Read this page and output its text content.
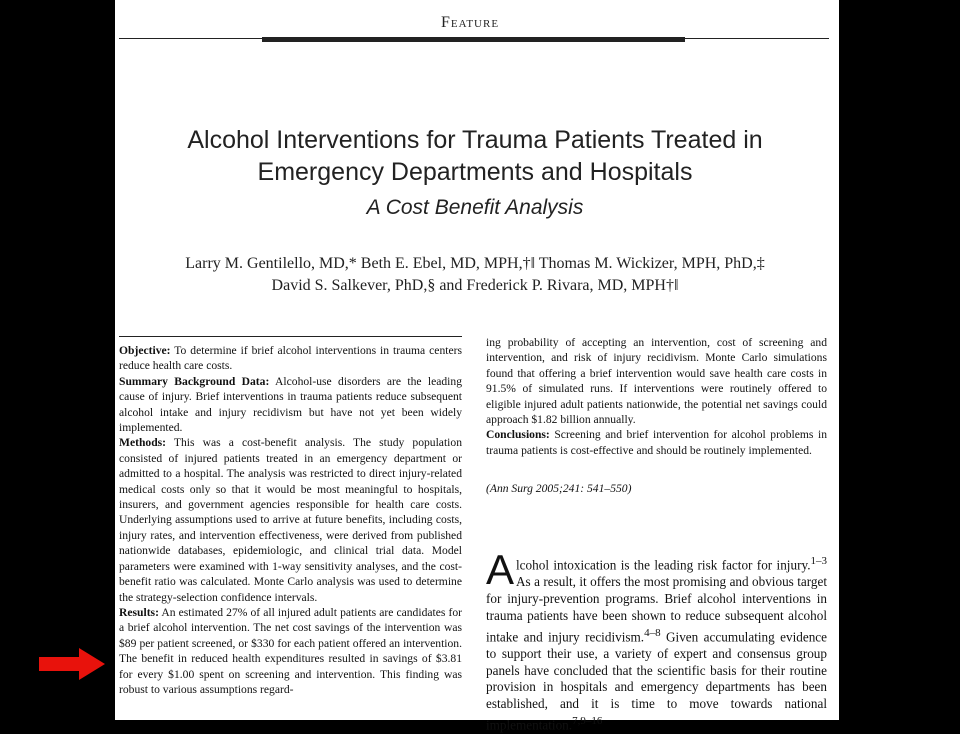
Feature
Alcohol Interventions for Trauma Patients Treated in
Emergency Departments and Hospitals
A Cost Benefit Analysis
Larry M. Gentilello, MD,* Beth E. Ebel, MD, MPH,†‖ Thomas M. Wickizer, MPH, PhD,‡
David S. Salkever, PhD,§ and Frederick P. Rivara, MD, MPH†‖

Objective: To determine if brief alcohol interventions in trauma centers reduce health care costs.

Summary Background Data: Alcohol-use disorders are the leading cause of injury. Brief interventions in trauma patients reduce subsequent alcohol intake and injury recidivism but have not yet been widely implemented.

Methods: This was a cost-benefit analysis. The study population consisted of injured patients treated in an emergency department or admitted to a hospital. The analysis was restricted to direct injury-related medical costs only so that it would be most meaningful to hospitals, insurers, and government agencies responsible for health care costs. Underlying assumptions used to arrive at future benefits, including costs, injury rates, and intervention effectiveness, were derived from published nationwide databases, epidemiologic, and clinical trial data. Model parameters were examined with 1-way sensitivity analyses, and the cost-benefit ratio was calculated. Monte Carlo analysis was used to determine the strategy-selection confidence intervals.

Results: An estimated 27% of all injured adult patients are candidates for a brief alcohol intervention. The net cost savings of the intervention was $89 per patient screened, or $330 for each patient offered an intervention. The benefit in reduced health expenditures resulted in savings of $3.81 for every $1.00 spent on screening and intervention. This finding was robust to various assumptions regard-

ing probability of accepting an intervention, cost of screening and intervention, and risk of injury recidivism. Monte Carlo simulations found that offering a brief intervention would save health care costs in 91.5% of simulated runs. If interventions were routinely offered to eligible injured adult patients nationwide, the potential net savings could approach $1.82 billion annually.

Conclusions: Screening and brief intervention for alcohol problems in trauma patients is cost-effective and should be routinely implemented.

(Ann Surg 2005;241: 541–550)

Alcohol intoxication is the leading risk factor for injury.$^{1-3}$ As a result, it offers the most promising and obvious target for injury-prevention programs. Brief alcohol interventions in trauma patients have been shown to reduce subsequent alcohol intake and injury recidivism.$^{4-8}$ Given accumulating evidence to support their use, a variety of expert and consensus group panels have concluded that the scientific basis for their routine provision in hospitals and emergency departments has been established, and it is time to move towards national implementation.$^{7,9-16}$
